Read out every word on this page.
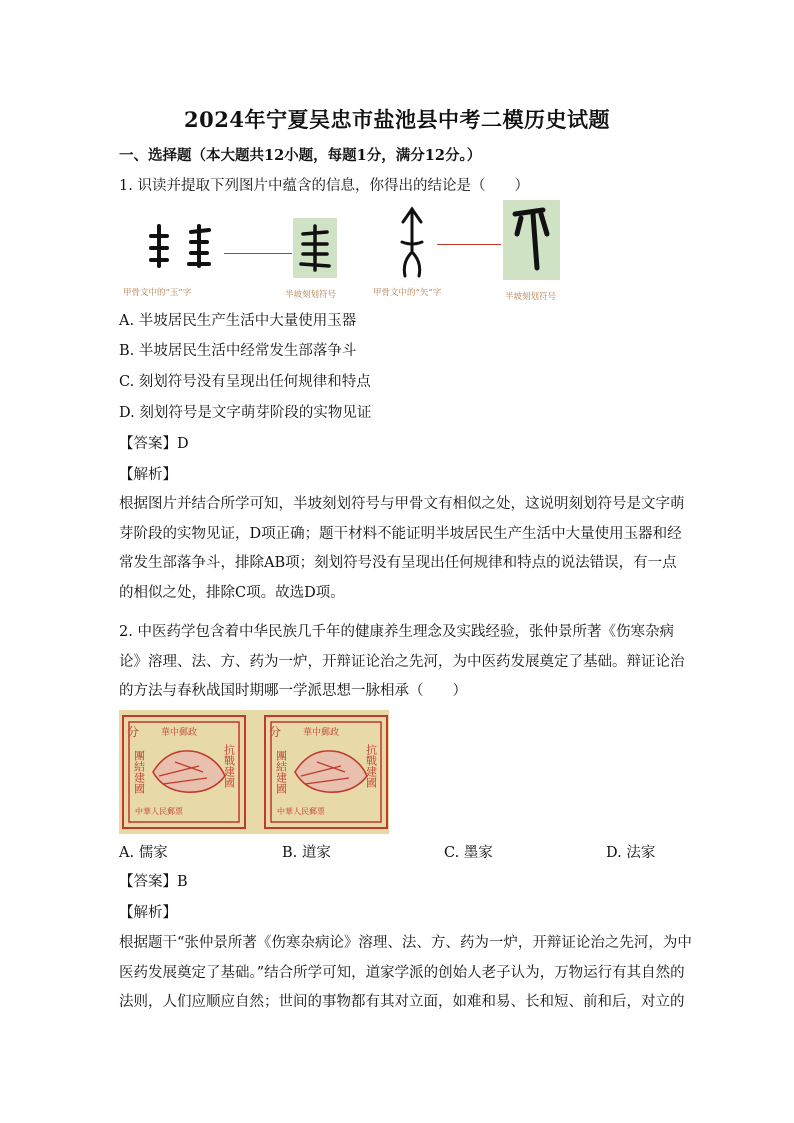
2024年宁夏吴忠市盐池县中考二模历史试题
一、选择题（本大题共12小题，每题1分，满分12分。）
1. 识读并提取下列图片中蕴含的信息，你得出的结论是（　　）
甲骨文中的“玉”字	半坡刻划符号	甲骨文中的“矢”字	半坡刻划符号
A. 半坡居民生产生活中大量使用玉器
B. 半坡居民生活中经常发生部落争斗
C. 刻划符号没有呈现出任何规律和特点
D. 刻划符号是文字萌芽阶段的实物见证
【答案】D
【解析】
根据图片并结合所学可知，半坡刻划符号与甲骨文有相似之处，这说明刻划符号是文字萌
芽阶段的实物见证，D项正确；题干材料不能证明半坡居民生产生活中大量使用玉器和经
常发生部落争斗，排除AB项；刻划符号没有呈现出任何规律和特点的说法错误，有一点
的相似之处，排除C项。故选D项。
2. 中医药学包含着中华民族几千年的健康养生理念及实践经验，张仲景所著《伤寒杂病
论》溶理、法、方、药为一炉，开辩证论治之先河，为中医药发展奠定了基础。辩证论治
的方法与春秋战国时期哪一学派思想一脉相承（　　）
分 華中郵政
中華人民郵票
團結建國	抗戰建國
分 華中郵政
中華人民郵票
團結建國	抗戰建國
A. 儒家	B. 道家	C. 墨家	D. 法家
【答案】B
【解析】
根据题干“张仲景所著《伤寒杂病论》溶理、法、方、药为一炉，开辩证论治之先河，为中
医药发展奠定了基础。”结合所学可知，道家学派的创始人老子认为，万物运行有其自然的
法则，人们应顺应自然；世间的事物都有其对立面，如难和易、长和短、前和后，对立的
